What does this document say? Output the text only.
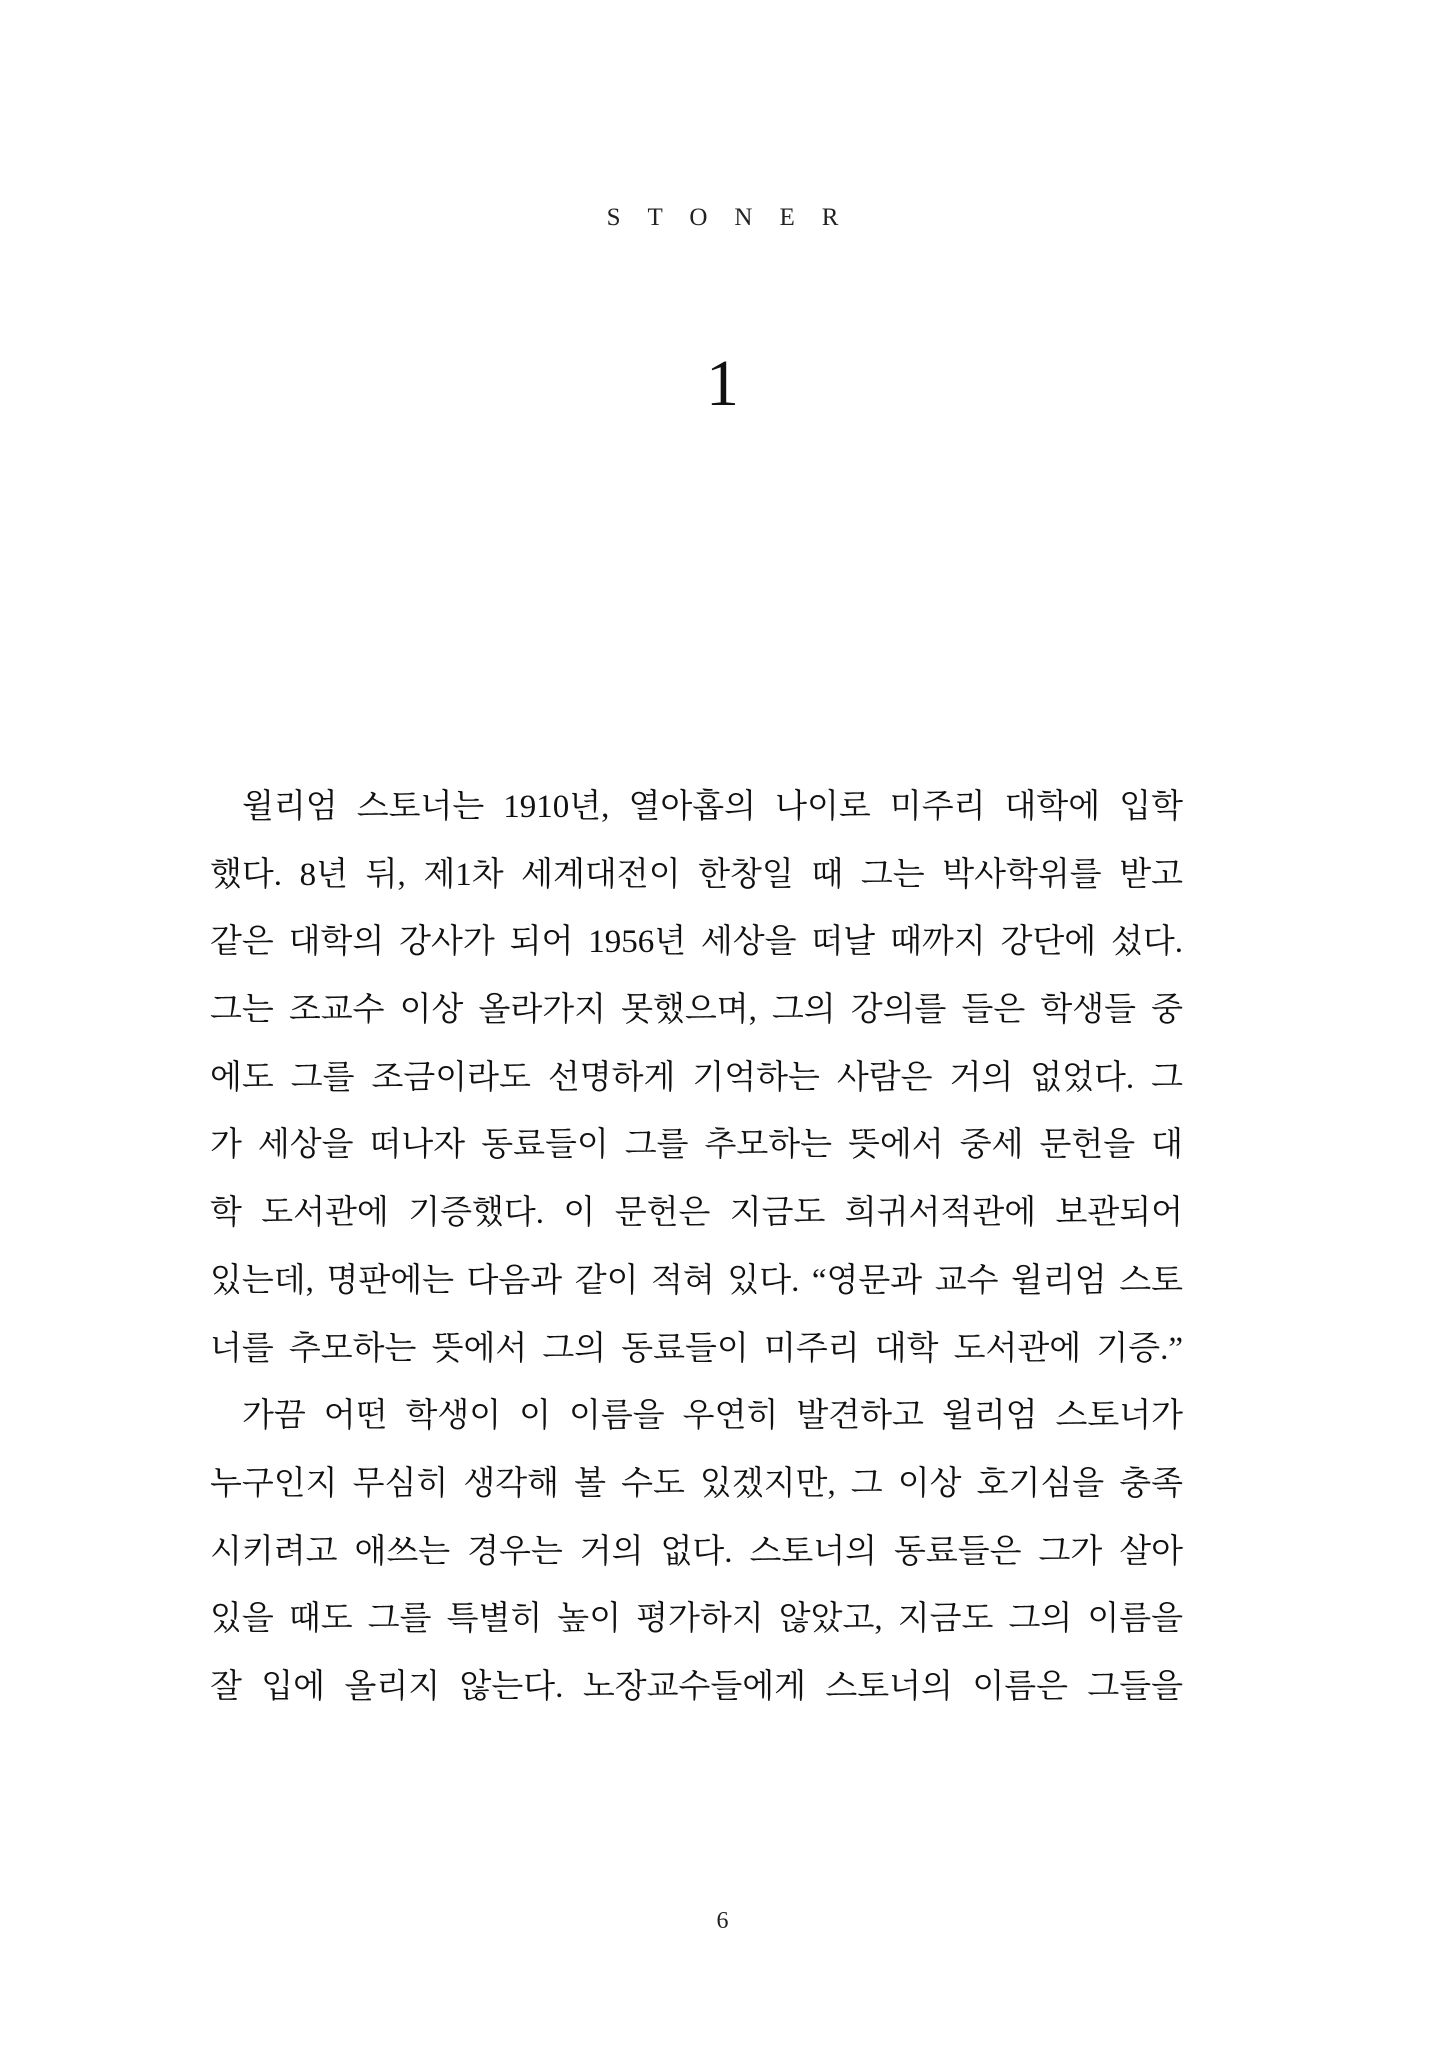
STONER
1
윌리엄 스토너는 1910년, 열아홉의 나이로 미주리 대학에 입학
했다. 8년 뒤, 제1차 세계대전이 한창일 때 그는 박사학위를 받고
같은 대학의 강사가 되어 1956년 세상을 떠날 때까지 강단에 섰다.
그는 조교수 이상 올라가지 못했으며, 그의 강의를 들은 학생들 중
에도 그를 조금이라도 선명하게 기억하는 사람은 거의 없었다. 그
가 세상을 떠나자 동료들이 그를 추모하는 뜻에서 중세 문헌을 대
학 도서관에 기증했다. 이 문헌은 지금도 희귀서적관에 보관되어
있는데, 명판에는 다음과 같이 적혀 있다. “영문과 교수 윌리엄 스토
너를 추모하는 뜻에서 그의 동료들이 미주리 대학 도서관에 기증.”
가끔 어떤 학생이 이 이름을 우연히 발견하고 윌리엄 스토너가
누구인지 무심히 생각해 볼 수도 있겠지만, 그 이상 호기심을 충족
시키려고 애쓰는 경우는 거의 없다. 스토너의 동료들은 그가 살아
있을 때도 그를 특별히 높이 평가하지 않았고, 지금도 그의 이름을
잘 입에 올리지 않는다. 노장교수들에게 스토너의 이름은 그들을
6
